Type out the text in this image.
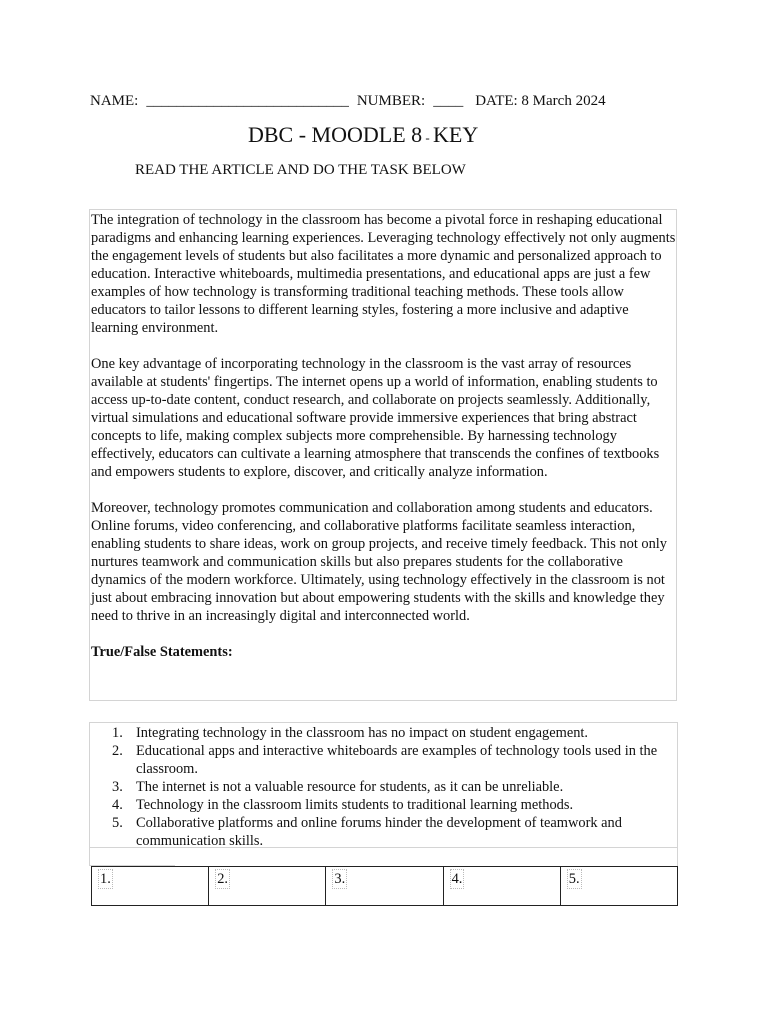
NAME: ___________________________ NUMBER: ____ DATE: 8 March 2024
DBC - MOODLE 8 - KEY
READ THE ARTICLE AND DO THE TASK BELOW

The integration of technology in the classroom has become a pivotal force in reshaping educational paradigms and enhancing learning experiences. Leveraging technology effectively not only augments the engagement levels of students but also facilitates a more dynamic and personalized approach to education. Interactive whiteboards, multimedia presentations, and educational apps are just a few examples of how technology is transforming traditional teaching methods. These tools allow educators to tailor lessons to different learning styles, fostering a more inclusive and adaptive learning environment.

One key advantage of incorporating technology in the classroom is the vast array of resources available at students' fingertips. The internet opens up a world of information, enabling students to access up-to-date content, conduct research, and collaborate on projects seamlessly. Additionally, virtual simulations and educational software provide immersive experiences that bring abstract concepts to life, making complex subjects more comprehensible. By harnessing technology effectively, educators can cultivate a learning atmosphere that transcends the confines of textbooks and empowers students to explore, discover, and critically analyze information.

Moreover, technology promotes communication and collaboration among students and educators. Online forums, video conferencing, and collaborative platforms facilitate seamless interaction, enabling students to share ideas, work on group projects, and receive timely feedback. This not only nurtures teamwork and communication skills but also prepares students for the collaborative dynamics of the modern workforce. Ultimately, using technology effectively in the classroom is not just about embracing innovation but about empowering students with the skills and knowledge they need to thrive in an increasingly digital and interconnected world.

True/False Statements:
1. Integrating technology in the classroom has no impact on student engagement.
2. Educational apps and interactive whiteboards are examples of technology tools used in the classroom.
3. The internet is not a valuable resource for students, as it can be unreliable.
4. Technology in the classroom limits students to traditional learning methods.
5. Collaborative platforms and online forums hinder the development of teamwork and communication skills.
1.	2.	3.	4.	5.
